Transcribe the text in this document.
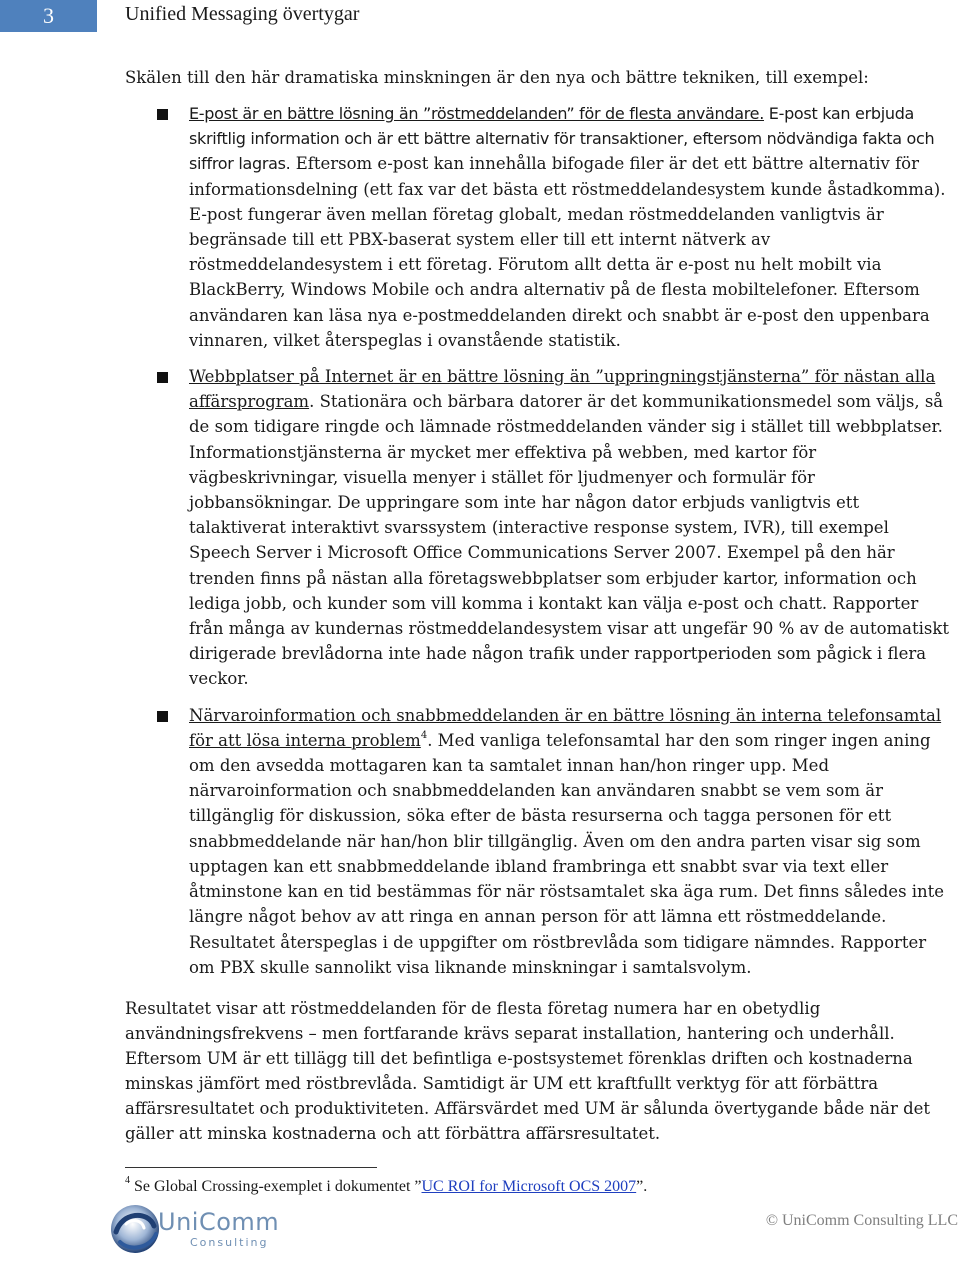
3	Unified Messaging övertygar
Skälen till den här dramatiska minskningen är den nya och bättre tekniken, till exempel:
E-post är en bättre lösning än ”röstmeddelanden” för de flesta användare. E-post kan erbjuda skriftlig information och är ett bättre alternativ för transaktioner, eftersom nödvändiga fakta och siffror lagras. Eftersom e-post kan innehålla bifogade filer är det ett bättre alternativ för informationsdelning (ett fax var det bästa ett röstmeddelandesystem kunde åstadkomma). E-post fungerar även mellan företag globalt, medan röstmeddelanden vanligtvis är begränsade till ett PBX-baserat system eller till ett internt nätverk av röstmeddelandesystem i ett företag. Förutom allt detta är e-post nu helt mobilt via BlackBerry, Windows Mobile och andra alternativ på de flesta mobiltelefoner. Eftersom användaren kan läsa nya e-postmeddelanden direkt och snabbt är e-post den uppenbara vinnaren, vilket återspeglas i ovanstående statistik.
Webbplatser på Internet är en bättre lösning än ”uppringningstjänsterna” för nästan alla affärsprogram. Stationära och bärbara datorer är det kommunikationsmedel som väljs, så de som tidigare ringde och lämnade röstmeddelanden vänder sig i stället till webbplatser. Informationstjänsterna är mycket mer effektiva på webben, med kartor för vägbeskrivningar, visuella menyer i stället för ljudmenyer och formulär för jobbansökningar. De uppringare som inte har någon dator erbjuds vanligtvis ett talaktiverat interaktivt svarssystem (interactive response system, IVR), till exempel Speech Server i Microsoft Office Communications Server 2007. Exempel på den här trenden finns på nästan alla företagswebbplatser som erbjuder kartor, information och lediga jobb, och kunder som vill komma i kontakt kan välja e-post och chatt. Rapporter från många av kundernas röstmeddelandesystem visar att ungefär 90 % av de automatiskt dirigerade brevlådorna inte hade någon trafik under rapportperioden som pågick i flera veckor.
Närvaroinformation och snabbmeddelanden är en bättre lösning än interna telefonsamtal för att lösa interna problem$^4$. Med vanliga telefonsamtal har den som ringer ingen aning om den avsedda mottagaren kan ta samtalet innan han/hon ringer upp. Med närvaroinformation och snabbmeddelanden kan användaren snabbt se vem som är tillgänglig för diskussion, söka efter de bästa resurserna och tagga personen för ett snabbmeddelande när han/hon blir tillgänglig. Även om den andra parten visar sig som upptagen kan ett snabbmeddelande ibland frambringa ett snabbt svar via text eller åtminstone kan en tid bestämmas för när röstsamtalet ska äga rum. Det finns således inte längre något behov av att ringa en annan person för att lämna ett röstmeddelande. Resultatet återspeglas i de uppgifter om röstbrevlåda som tidigare nämndes. Rapporter om PBX skulle sannolikt visa liknande minskningar i samtalsvolym.
Resultatet visar att röstmeddelanden för de flesta företag numera har en obetydlig användningsfrekvens – men fortfarande krävs separat installation, hantering och underhåll. Eftersom UM är ett tillägg till det befintliga e-postsystemet förenklas driften och kostnaderna minskas jämfört med röstbrevlåda. Samtidigt är UM ett kraftfullt verktyg för att förbättra affärsresultatet och produktiviteten. Affärsvärdet med UM är sålunda övertygande både när det gäller att minska kostnaderna och att förbättra affärsresultatet.
$^4$ Se Global Crossing-exemplet i dokumentet ”UC ROI for Microsoft OCS 2007”.
UniComm
Consulting
© UniComm Consulting LLC
